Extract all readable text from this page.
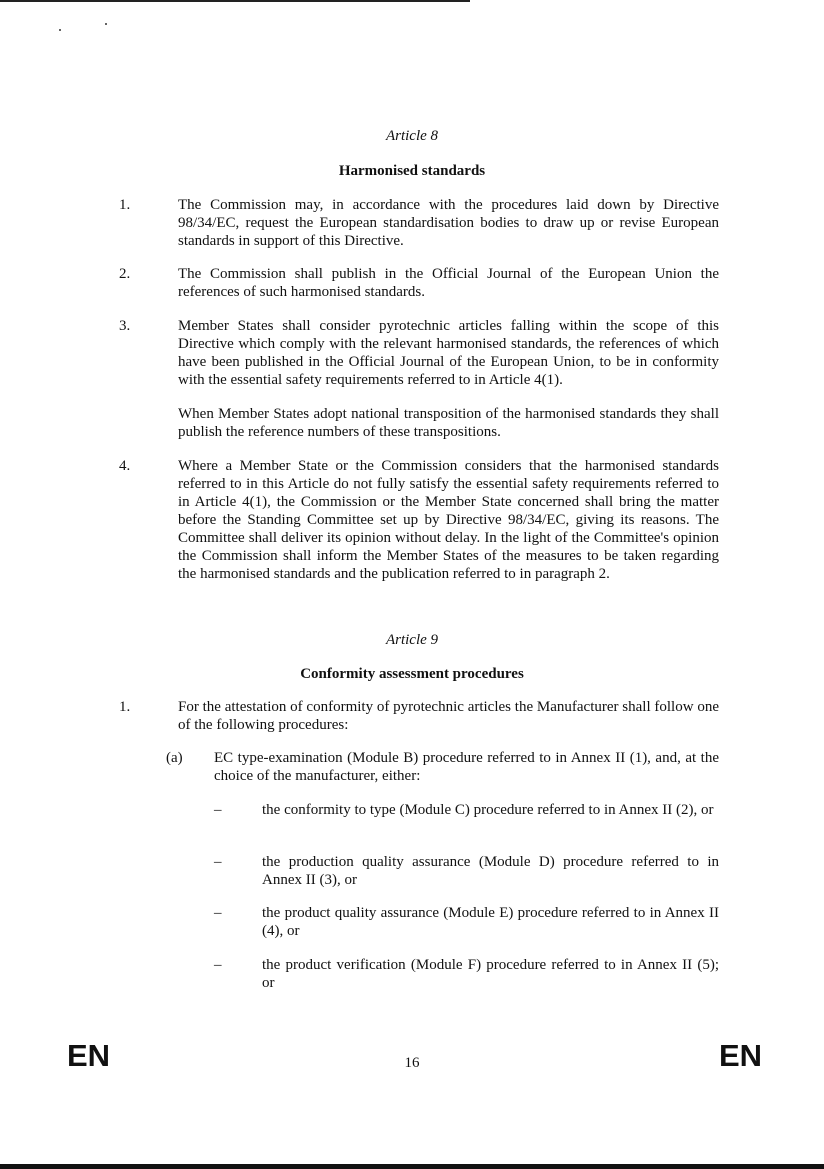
Article 8
Harmonised standards
1.	The Commission may, in accordance with the procedures laid down by Directive 98/34/EC, request the European standardisation bodies to draw up or revise European standards in support of this Directive.
2.	The Commission shall publish in the Official Journal of the European Union the references of such harmonised standards.
3.	Member States shall consider pyrotechnic articles falling within the scope of this Directive which comply with the relevant harmonised standards, the references of which have been published in the Official Journal of the European Union, to be in conformity with the essential safety requirements referred to in Article 4(1).
When Member States adopt national transposition of the harmonised standards they shall publish the reference numbers of these transpositions.
4.	Where a Member State or the Commission considers that the harmonised standards referred to in this Article do not fully satisfy the essential safety requirements referred to in Article 4(1), the Commission or the Member State concerned shall bring the matter before the Standing Committee set up by Directive 98/34/EC, giving its reasons. The Committee shall deliver its opinion without delay. In the light of the Committee's opinion the Commission shall inform the Member States of the measures to be taken regarding the harmonised standards and the publication referred to in paragraph 2.
Article 9
Conformity assessment procedures
1.	For the attestation of conformity of pyrotechnic articles the Manufacturer shall follow one of the following procedures:
(a) EC type-examination (Module B) procedure referred to in Annex II (1), and, at the choice of the manufacturer, either:
–	the conformity to type (Module C) procedure referred to in Annex II (2), or
–	the production quality assurance (Module D) procedure referred to in Annex II (3), or
–	the product quality assurance (Module E) procedure referred to in Annex II (4), or
–	the product verification (Module F) procedure referred to in Annex II (5); or
EN	16	EN
